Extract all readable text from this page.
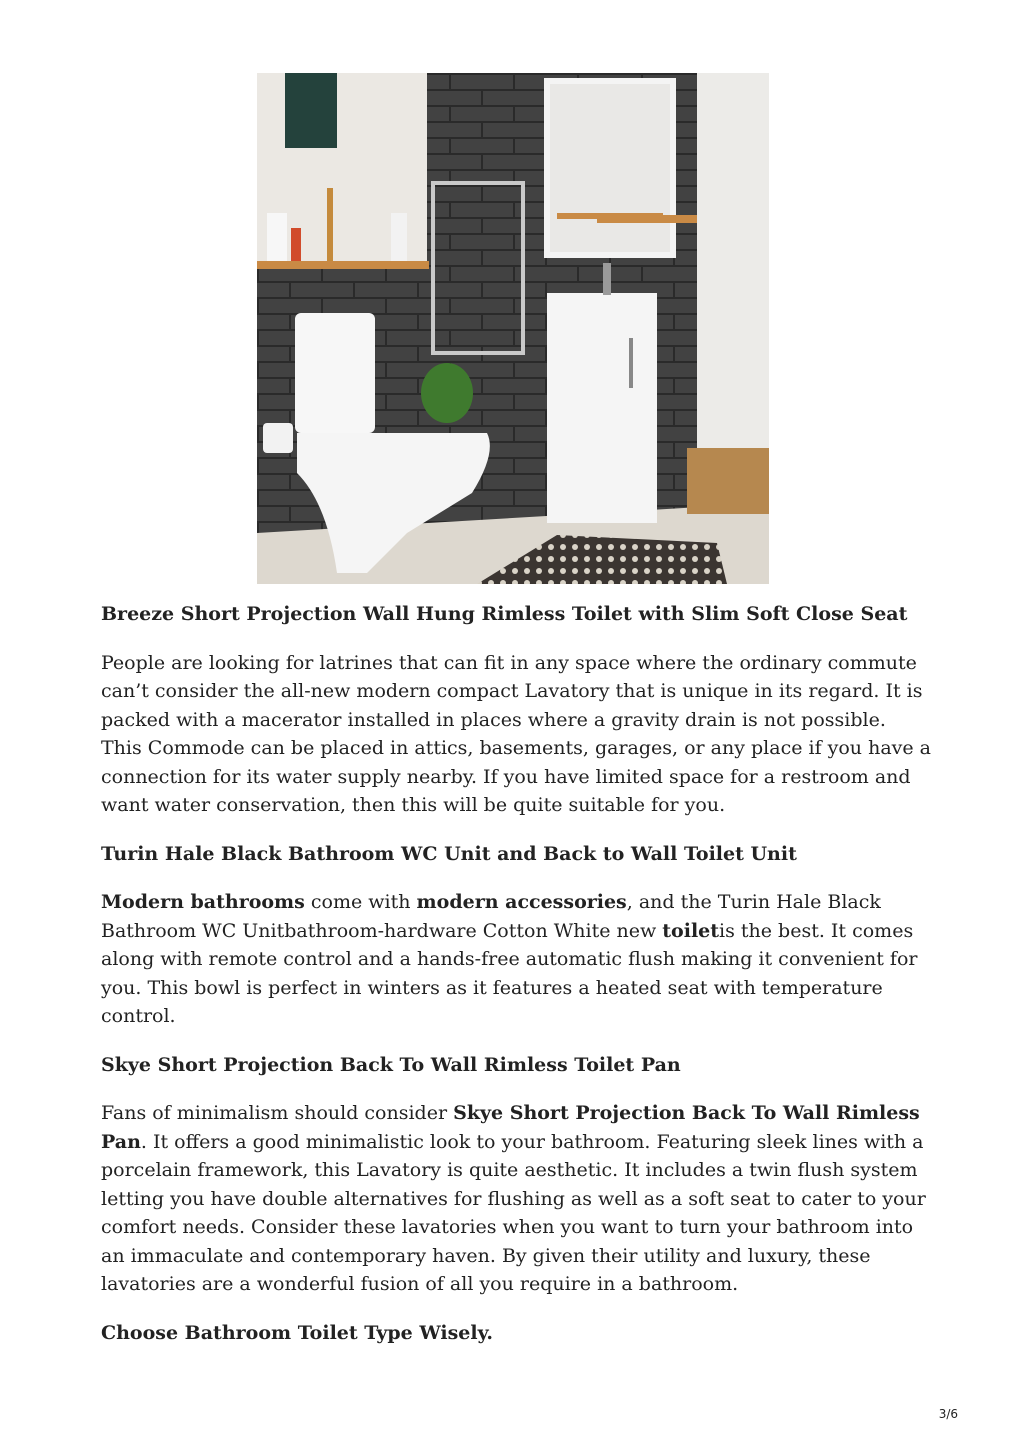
Breeze Short Projection Wall Hung Rimless Toilet with Slim Soft Close Seat

People are looking for latrines that can fit in any space where the ordinary commute can’t consider the all-new modern compact Lavatory that is unique in its regard. It is packed with a macerator installed in places where a gravity drain is not possible. This Commode can be placed in attics, basements, garages, or any place if you have a connection for its water supply nearby. If you have limited space for a restroom and want water conservation, then this will be quite suitable for you.

Turin Hale Black Bathroom WC Unit and Back to Wall Toilet Unit

Modern bathrooms come with modern accessories, and the Turin Hale Black Bathroom WC Unitbathroom-hardware Cotton White new toiletis the best. It comes along with remote control and a hands-free automatic flush making it convenient for you. This bowl is perfect in winters as it features a heated seat with temperature control.

Skye Short Projection Back To Wall Rimless Toilet Pan

Fans of minimalism should consider Skye Short Projection Back To Wall Rimless Pan. It offers a good minimalistic look to your bathroom. Featuring sleek lines with a porcelain framework, this Lavatory is quite aesthetic. It includes a twin flush system letting you have double alternatives for flushing as well as a soft seat to cater to your comfort needs. Consider these lavatories when you want to turn your bathroom into an immaculate and contemporary haven. By given their utility and luxury, these lavatories are a wonderful fusion of all you require in a bathroom.

Choose Bathroom Toilet Type Wisely.
3/6
